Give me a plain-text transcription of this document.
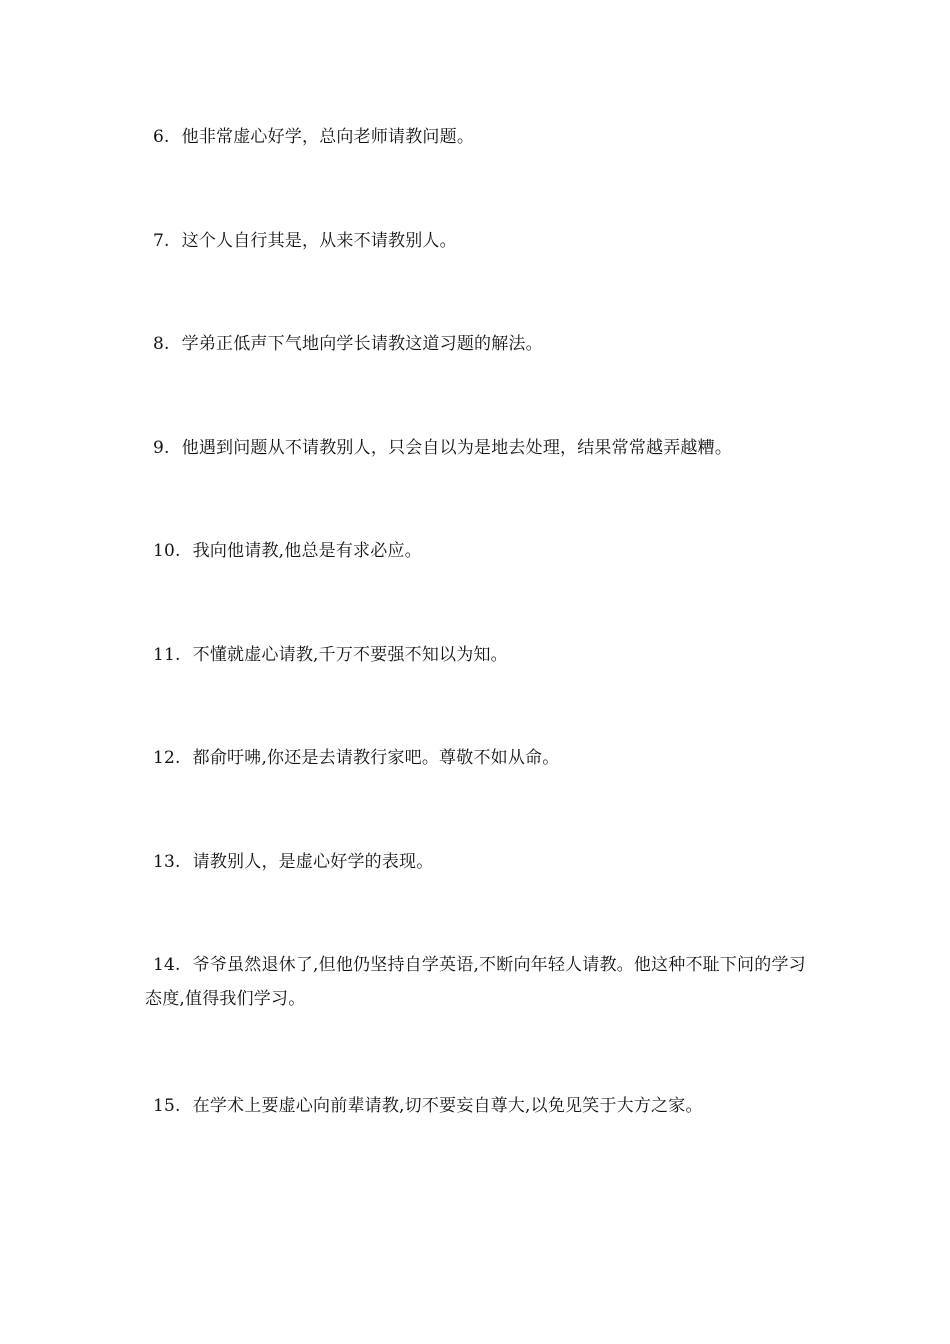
6. 他非常虚心好学，总向老师请教问题。
7. 这个人自行其是，从来不请教别人。
8. 学弟正低声下气地向学长请教这道习题的解法。
9. 他遇到问题从不请教别人，只会自以为是地去处理，结果常常越弄越糟。
10. 我向他请教,他总是有求必应。
11. 不懂就虚心请教,千万不要强不知以为知。
12. 都俞吁咈,你还是去请教行家吧。尊敬不如从命。
13. 请教别人，是虚心好学的表现。
14. 爷爷虽然退休了,但他仍坚持自学英语,不断向年轻人请教。他这种不耻下问的学习态度,值得我们学习。
15. 在学术上要虚心向前辈请教,切不要妄自尊大,以免见笑于大方之家。
